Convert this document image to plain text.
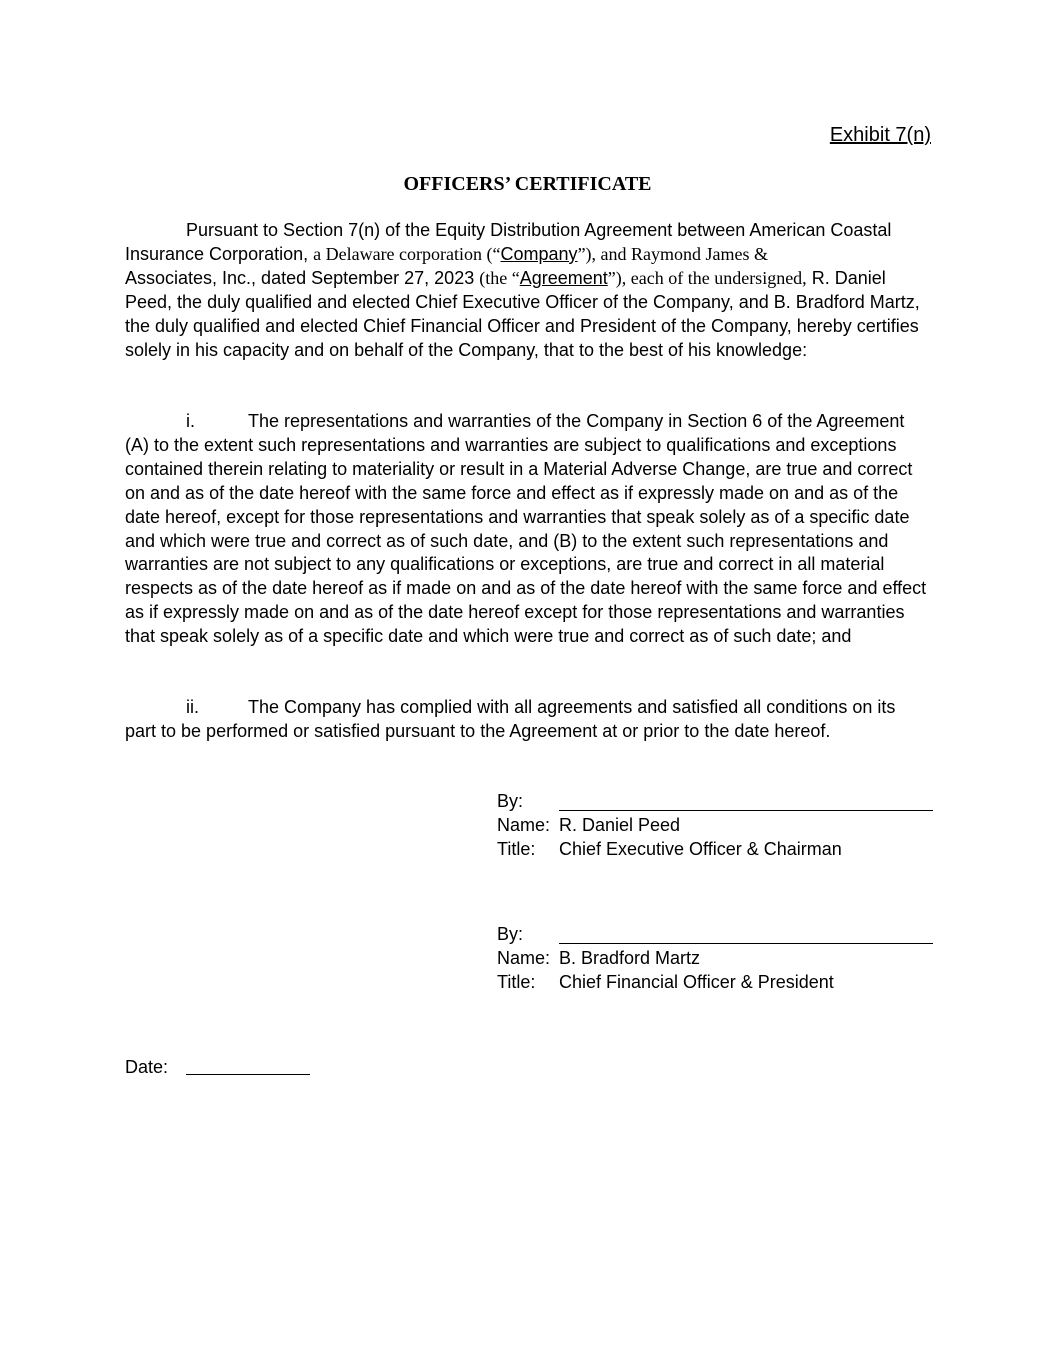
Exhibit 7(n)
OFFICERS’ CERTIFICATE
Pursuant to Section 7(n) of the Equity Distribution Agreement between American Coastal Insurance Corporation, a Delaware corporation (“Company”), and Raymond James &
Associates, Inc., dated September 27, 2023 (the “Agreement”), each of the undersigned, R. Daniel Peed, the duly qualified and elected Chief Executive Officer of the Company, and B. Bradford Martz, the duly qualified and elected Chief Financial Officer and President of the Company, hereby certifies solely in his capacity and on behalf of the Company, that to the best of his knowledge:
i.	The representations and warranties of the Company in Section 6 of the Agreement (A) to the extent such representations and warranties are subject to qualifications and exceptions contained therein relating to materiality or result in a Material Adverse Change, are true and correct on and as of the date hereof with the same force and effect as if expressly made on and as of the date hereof, except for those representations and warranties that speak solely as of a specific date and which were true and correct as of such date, and (B) to the extent such representations and warranties are not subject to any qualifications or exceptions, are true and correct in all material respects as of the date hereof as if made on and as of the date hereof with the same force and effect as if expressly made on and as of the date hereof except for those representations and warranties that speak solely as of a specific date and which were true and correct as of such date; and
ii.	The Company has complied with all agreements and satisfied all conditions on its part to be performed or satisfied pursuant to the Agreement at or prior to the date hereof.
By:
Name: R. Daniel Peed
Title:	Chief Executive Officer & Chairman
By:
Name: B. Bradford Martz
Title:	Chief Financial Officer & President
Date:
